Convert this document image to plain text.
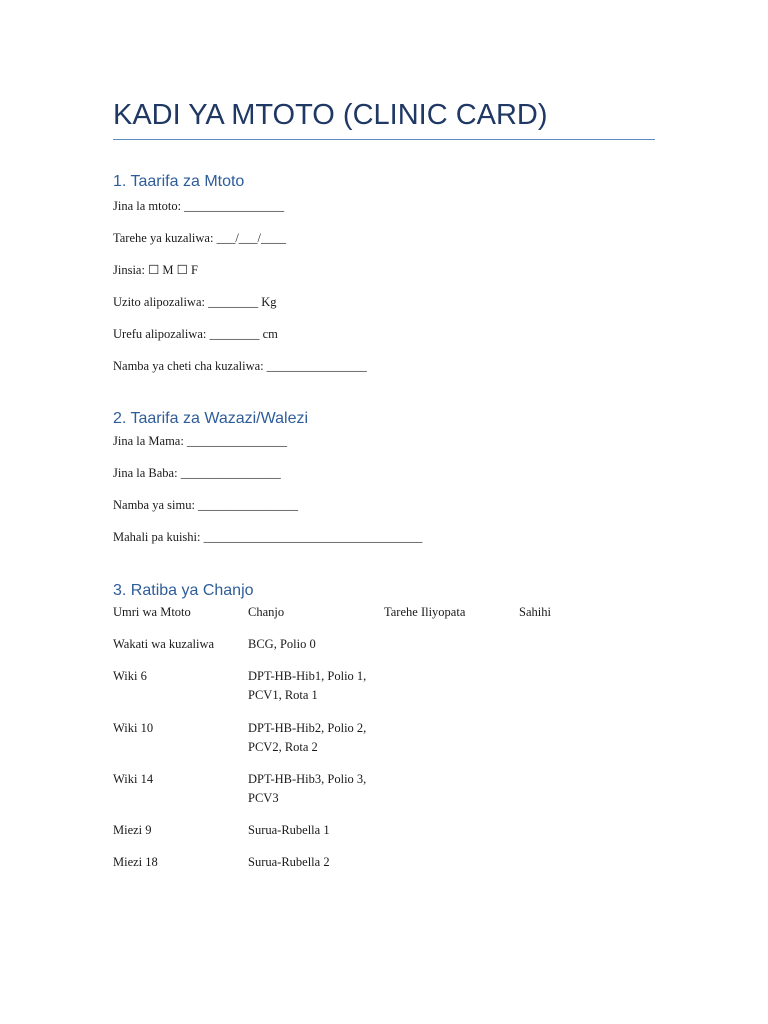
KADI YA MTOTO (CLINIC CARD)
1. Taarifa za Mtoto
Jina la mtoto: ________________
Tarehe ya kuzaliwa: ___/___/____
Jinsia: ☐ M ☐ F
Uzito alipozaliwa: ________ Kg
Urefu alipozaliwa: ________ cm
Namba ya cheti cha kuzaliwa: ________________
2. Taarifa za Wazazi/Walezi
Jina la Mama: ________________
Jina la Baba: ________________
Namba ya simu: ________________
Mahali pa kuishi: ___________________________________
3. Ratiba ya Chanjo
Umri wa Mtoto	Chanjo	Tarehe Iliyopata	Sahihi
Wakati wa kuzaliwa	BCG, Polio 0
Wiki 6	DPT-HB-Hib1, Polio 1, PCV1, Rota 1
Wiki 10	DPT-HB-Hib2, Polio 2, PCV2, Rota 2
Wiki 14	DPT-HB-Hib3, Polio 3, PCV3
Miezi 9	Surua-Rubella 1
Miezi 18	Surua-Rubella 2
